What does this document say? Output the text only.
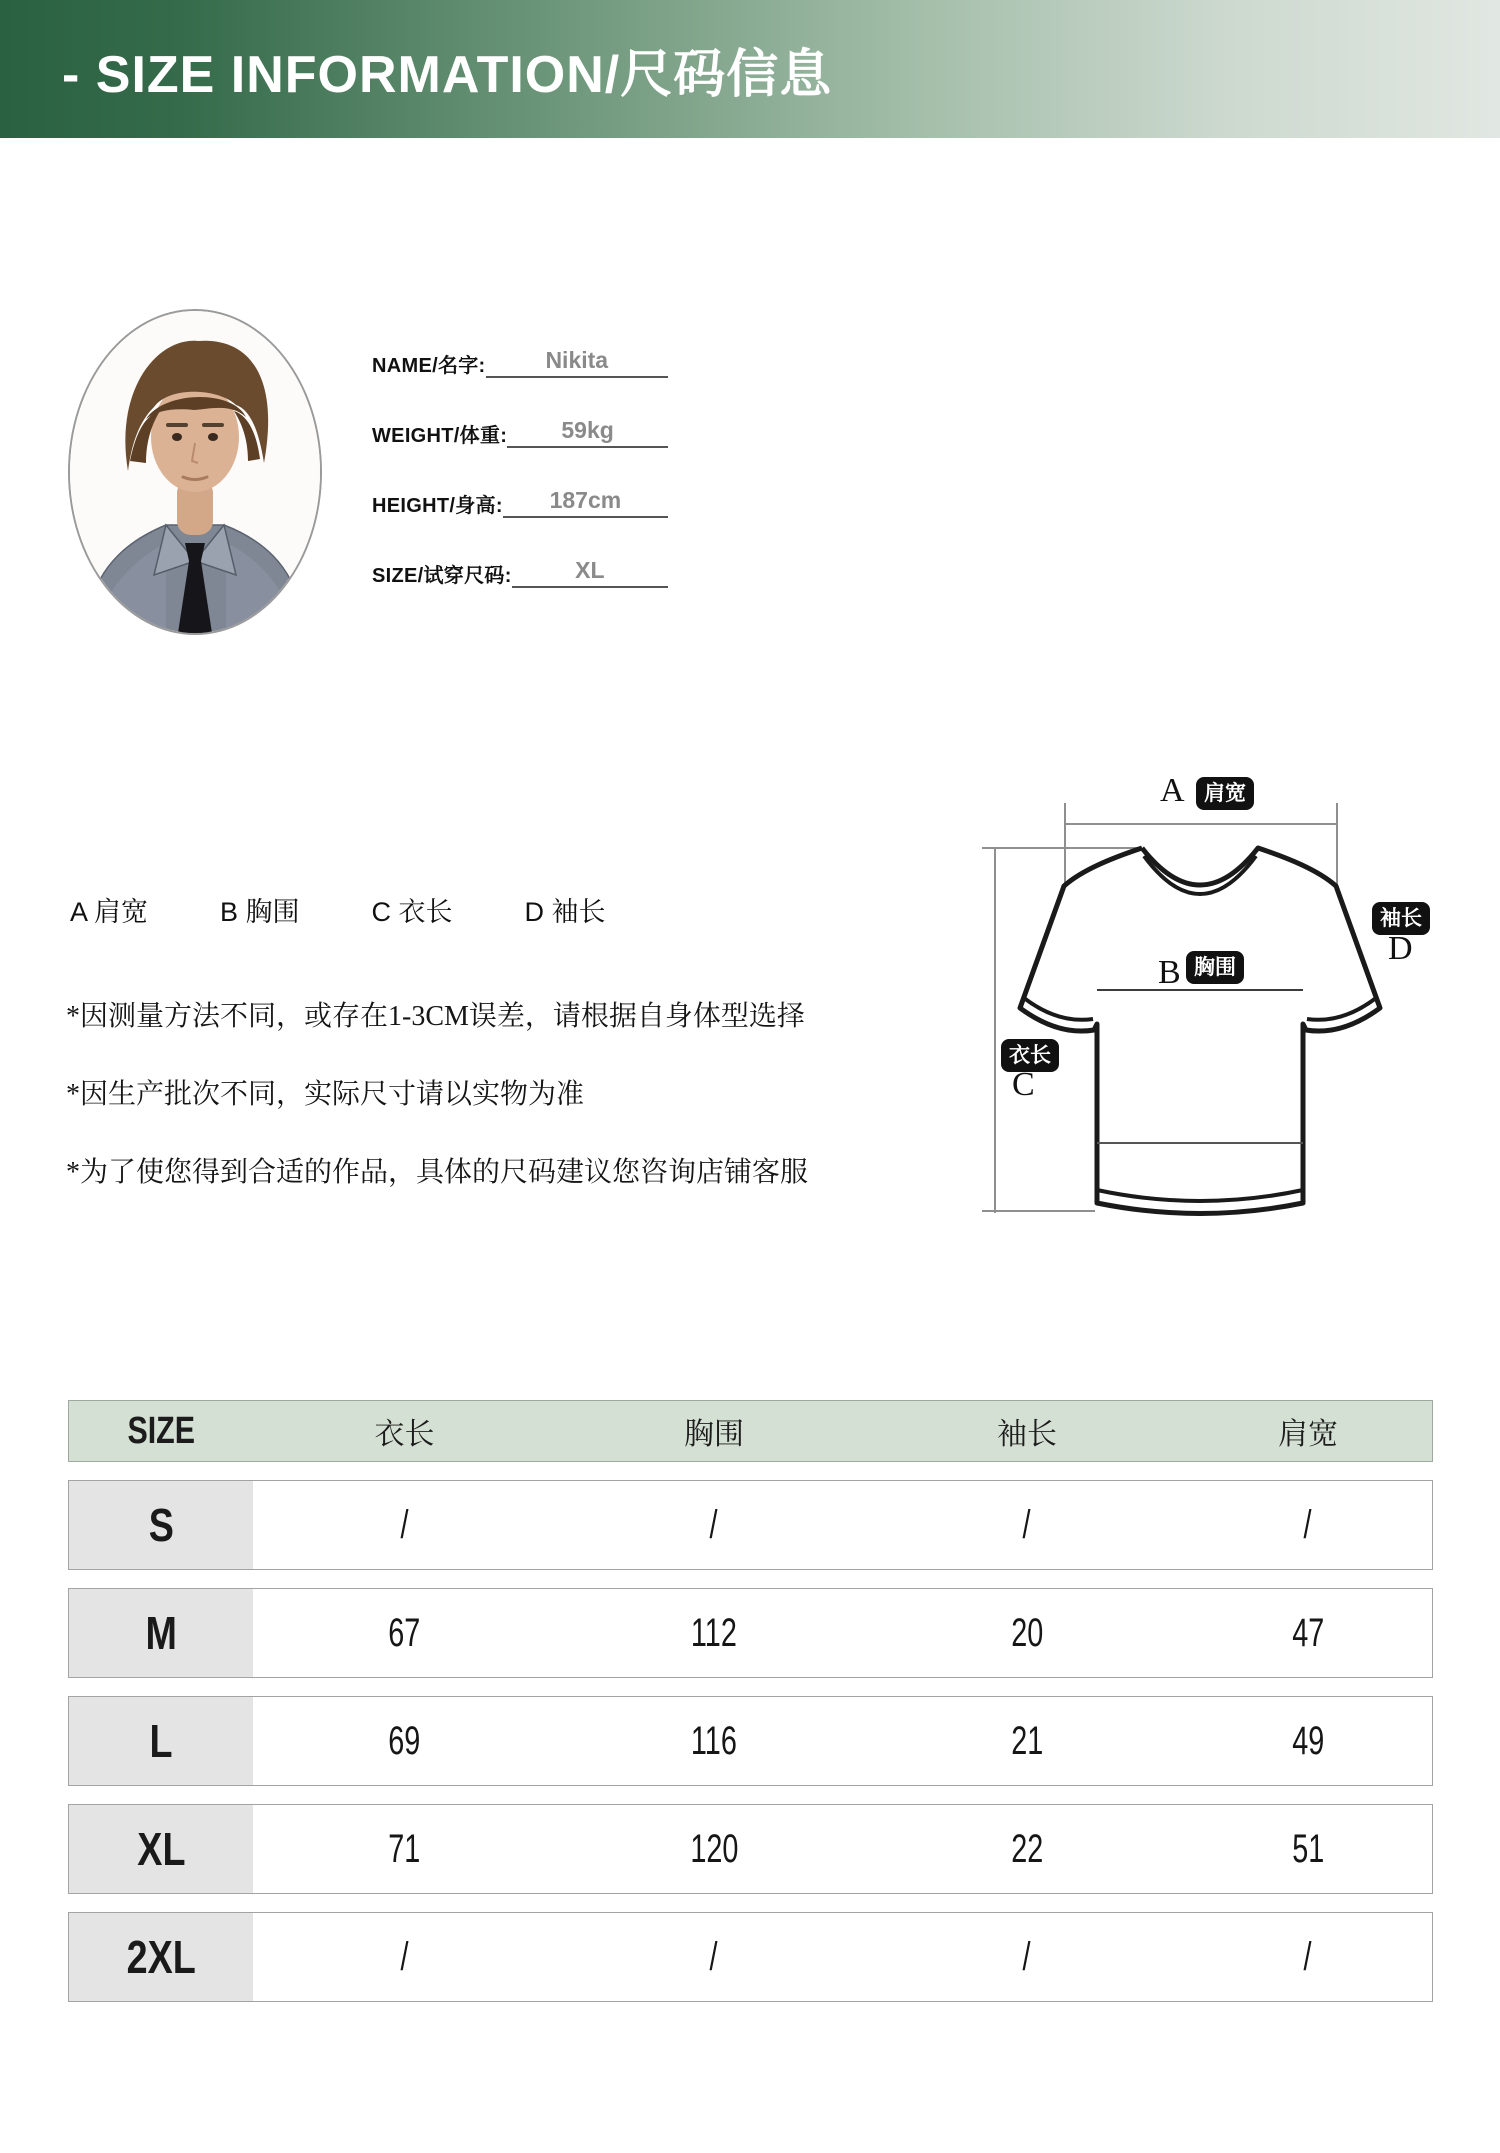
- SIZE INFORMATION/尺码信息
NAME/名字:	Nikita
WEIGHT/体重:	59kg
HEIGHT/身高:	187cm
SIZE/试穿尺码:	XL
A 肩宽	B 胸围	C 衣长	D 袖长
*因测量方法不同，或存在1-3CM误差，请根据自身体型选择
*因生产批次不同，实际尺寸请以实物为准
*为了使您得到合适的作品，具体的尺码建议您咨询店铺客服
A 肩宽
袖长
D
B 胸围
衣长
C
SIZE	衣长	胸围	袖长	肩宽
S	/	/	/	/
M	67	112	20	47
L	69	116	21	49
XL	71	120	22	51
2XL	/	/	/	/
